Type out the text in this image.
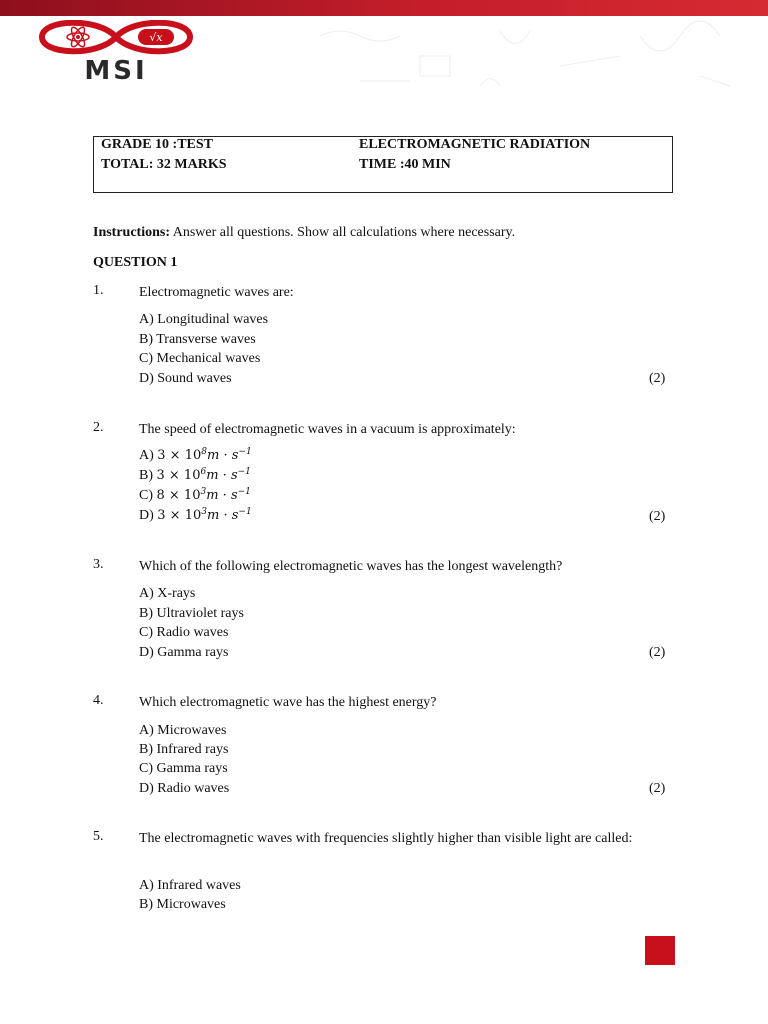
√x
MSI
GRADE 10 :TEST	ELECTROMAGNETIC RADIATION
TOTAL: 32 MARKS	TIME :40 MIN
Instructions: Answer all questions. Show all calculations where necessary.
QUESTION 1
1.	Electromagnetic waves are:
A) Longitudinal waves
B) Transverse waves
C) Mechanical waves
D) Sound waves	(2)
2.	The speed of electromagnetic waves in a vacuum is approximately:
A) $3 \times 10^8m \cdot s^{-1}$
B) $3 \times 10^6m \cdot s^{-1}$
C) $8 \times 10^3m \cdot s^{-1}$
D) $3 \times 10^3m \cdot s^{-1}$	(2)
3.	Which of the following electromagnetic waves has the longest wavelength?
A) X-rays
B) Ultraviolet rays
C) Radio waves
D) Gamma rays	(2)
4.	Which electromagnetic wave has the highest energy?
A) Microwaves
B) Infrared rays
C) Gamma rays
D) Radio waves	(2)
5.	The electromagnetic waves with frequencies slightly higher than visible light are called:
A) Infrared waves
B) Microwaves
